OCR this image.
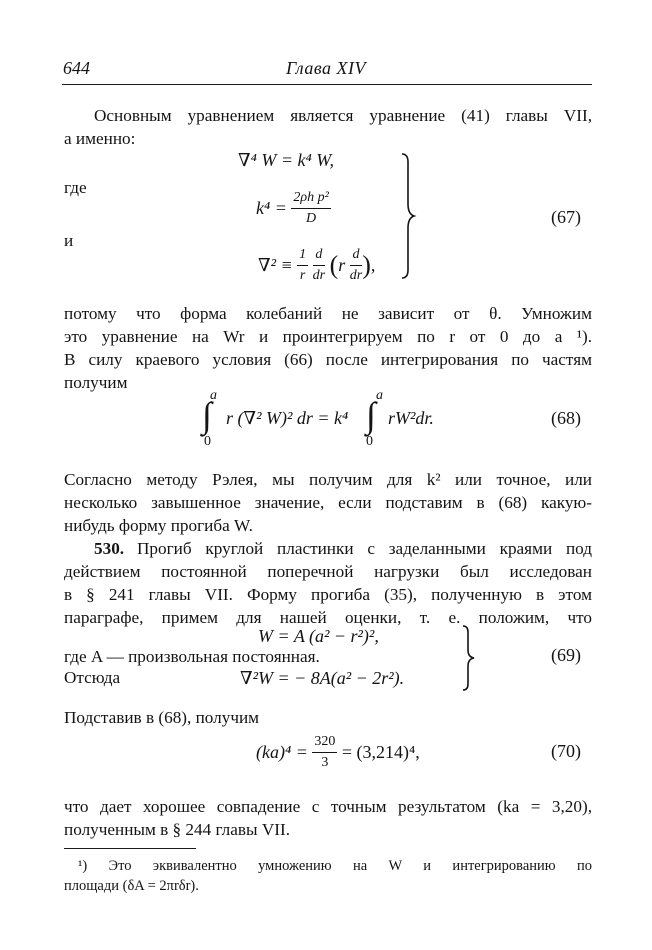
644	Глава XIV
Основным уравнением является уравнение (41) главы VII,
а именно:
∇⁴ W = k⁴ W,
где
$k^4 = \frac{\text{2ρh p²}}{D}$
и
$\nabla^2 \equiv \frac{1}{r}$
$\frac{d}{dr} (r \frac{d}{dr}$ ),
(67)
потому что форма колебаний не зависит от θ. Умножим
это уравнение на Wr и проинтегрируем по r от 0 до a ¹).
В силу краевого условия (66) после интегрирования по частям
получим
a
∫
0
r (∇² W)² dr = k⁴
a
∫
0
rW²dr.	(68)
Согласно методу Рэлея, мы получим для k² или точное, или
несколько завышенное значение, если подставим в (68) какую-
нибудь форму прогиба W.
530. Прогиб круглой пластинки с заделанными краями под
действием постоянной поперечной нагрузки был исследован
в § 241 главы VII. Форму прогиба (35), полученную в этом
параграфе, примем для нашей оценки, т. е. положим, что
W = A (a² − r²)²,
где A — произвольная постоянная.
Отсюда	∇²W = − 8A(a² − 2r²).
(69)
Подставив в (68), получим
$(ka)^4 = \frac{320}{3} = (3,214)^4$,	(70)
что дает хорошее совпадение с точным результатом (ka = 3,20),
полученным в § 244 главы VII.
¹) Это эквивалентно умножению на W и интегрированию по
площади (δA = 2πrδr).
